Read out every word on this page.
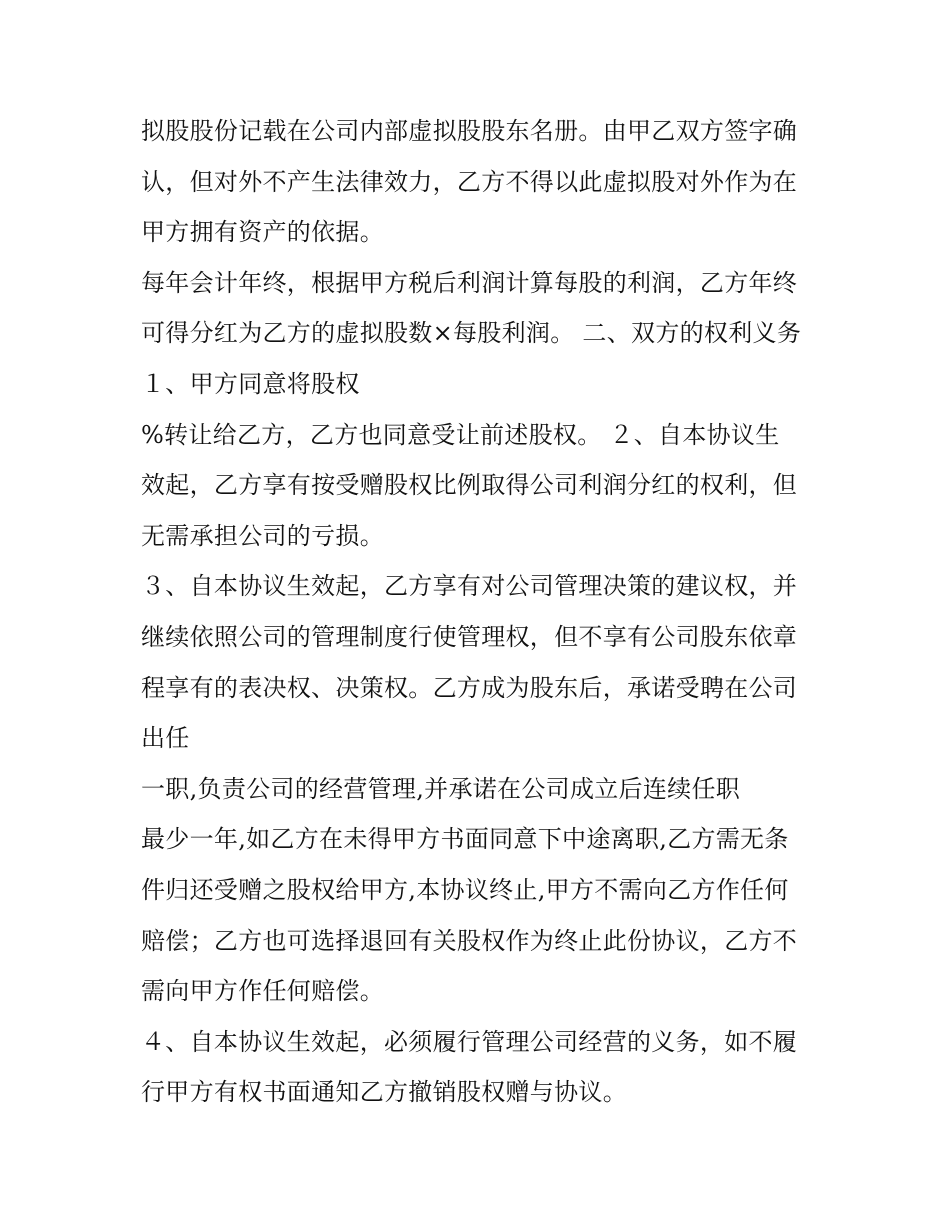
拟股股份记载在公司内部虚拟股股东名册。由甲乙双方签字确
认，但对外不产生法律效力，乙方不得以此虚拟股对外作为在
甲方拥有资产的依据。
每年会计年终，根据甲方税后利润计算每股的利润，乙方年终
可得分红为乙方的虚拟股数×每股利润。 二、双方的权利义务
１、甲方同意将股权
%转让给乙方，乙方也同意受让前述股权。 ２、自本协议生
效起，乙方享有按受赠股权比例取得公司利润分红的权利，但
无需承担公司的亏损。
３、自本协议生效起，乙方享有对公司管理决策的建议权，并
继续依照公司的管理制度行使管理权，但不享有公司股东依章
程享有的表决权、决策权。乙方成为股东后，承诺受聘在公司
出任
一职,负责公司的经营管理,并承诺在公司成立后连续任职
最少一年,如乙方在未得甲方书面同意下中途离职,乙方需无条
件归还受赠之股权给甲方,本协议终止,甲方不需向乙方作任何
赔偿；乙方也可选择退回有关股权作为终止此份协议，乙方不
需向甲方作任何赔偿。
４、自本协议生效起，必须履行管理公司经营的义务，如不履
行甲方有权书面通知乙方撤销股权赠与协议。
